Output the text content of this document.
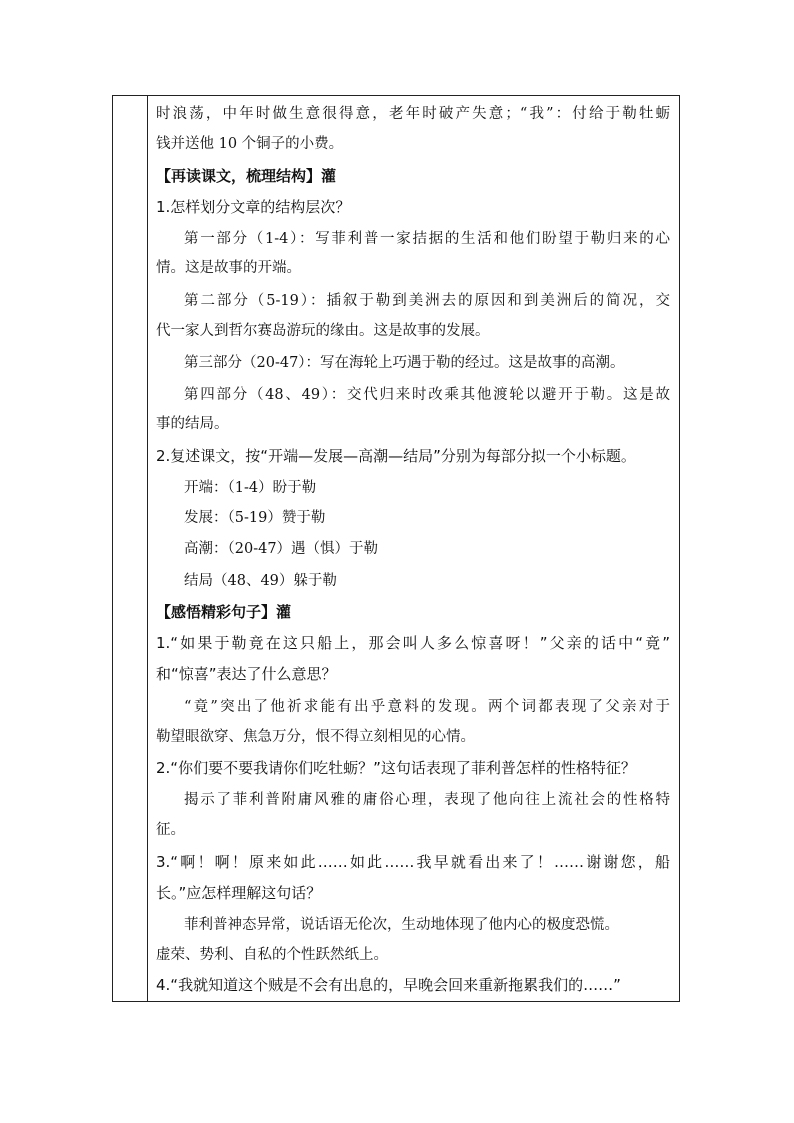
时浪荡，中年时做生意很得意，老年时破产失意；“我”：付给于勒牡蛎
钱并送他 10 个铜子的小费。
【再读课文，梳理结构】灌
1.怎样划分文章的结构层次？
第一部分（1-4）：写菲利普一家拮据的生活和他们盼望于勒归来的心
情。这是故事的开端。
第二部分（5-19）：插叙于勒到美洲去的原因和到美洲后的简况，交
代一家人到哲尔赛岛游玩的缘由。这是故事的发展。
第三部分（20-47）：写在海轮上巧遇于勒的经过。这是故事的高潮。
第四部分（48、49）：交代归来时改乘其他渡轮以避开于勒。这是故
事的结局。
2.复述课文，按“开端—发展—高潮—结局”分别为每部分拟一个小标题。
开端：（1-4）盼于勒
发展：（5-19）赞于勒
高潮：（20-47）遇（惧）于勒
结局（48、49）躲于勒
【感悟精彩句子】灌
1.“如果于勒竟在这只船上，那会叫人多么惊喜呀！”父亲的话中“竟”
和“惊喜”表达了什么意思？
“竟”突出了他祈求能有出乎意料的发现。两个词都表现了父亲对于
勒望眼欲穿、焦急万分，恨不得立刻相见的心情。
2.“你们要不要我请你们吃牡蛎？”这句话表现了菲利普怎样的性格特征？
揭示了菲利普附庸风雅的庸俗心理，表现了他向往上流社会的性格特
征。
3.“啊！啊！原来如此……如此……我早就看出来了！……谢谢您，船
长。”应怎样理解这句话？
菲利普神态异常，说话语无伦次，生动地体现了他内心的极度恐慌。
虚荣、势利、自私的个性跃然纸上。
4.“我就知道这个贼是不会有出息的，早晚会回来重新拖累我们的……”
